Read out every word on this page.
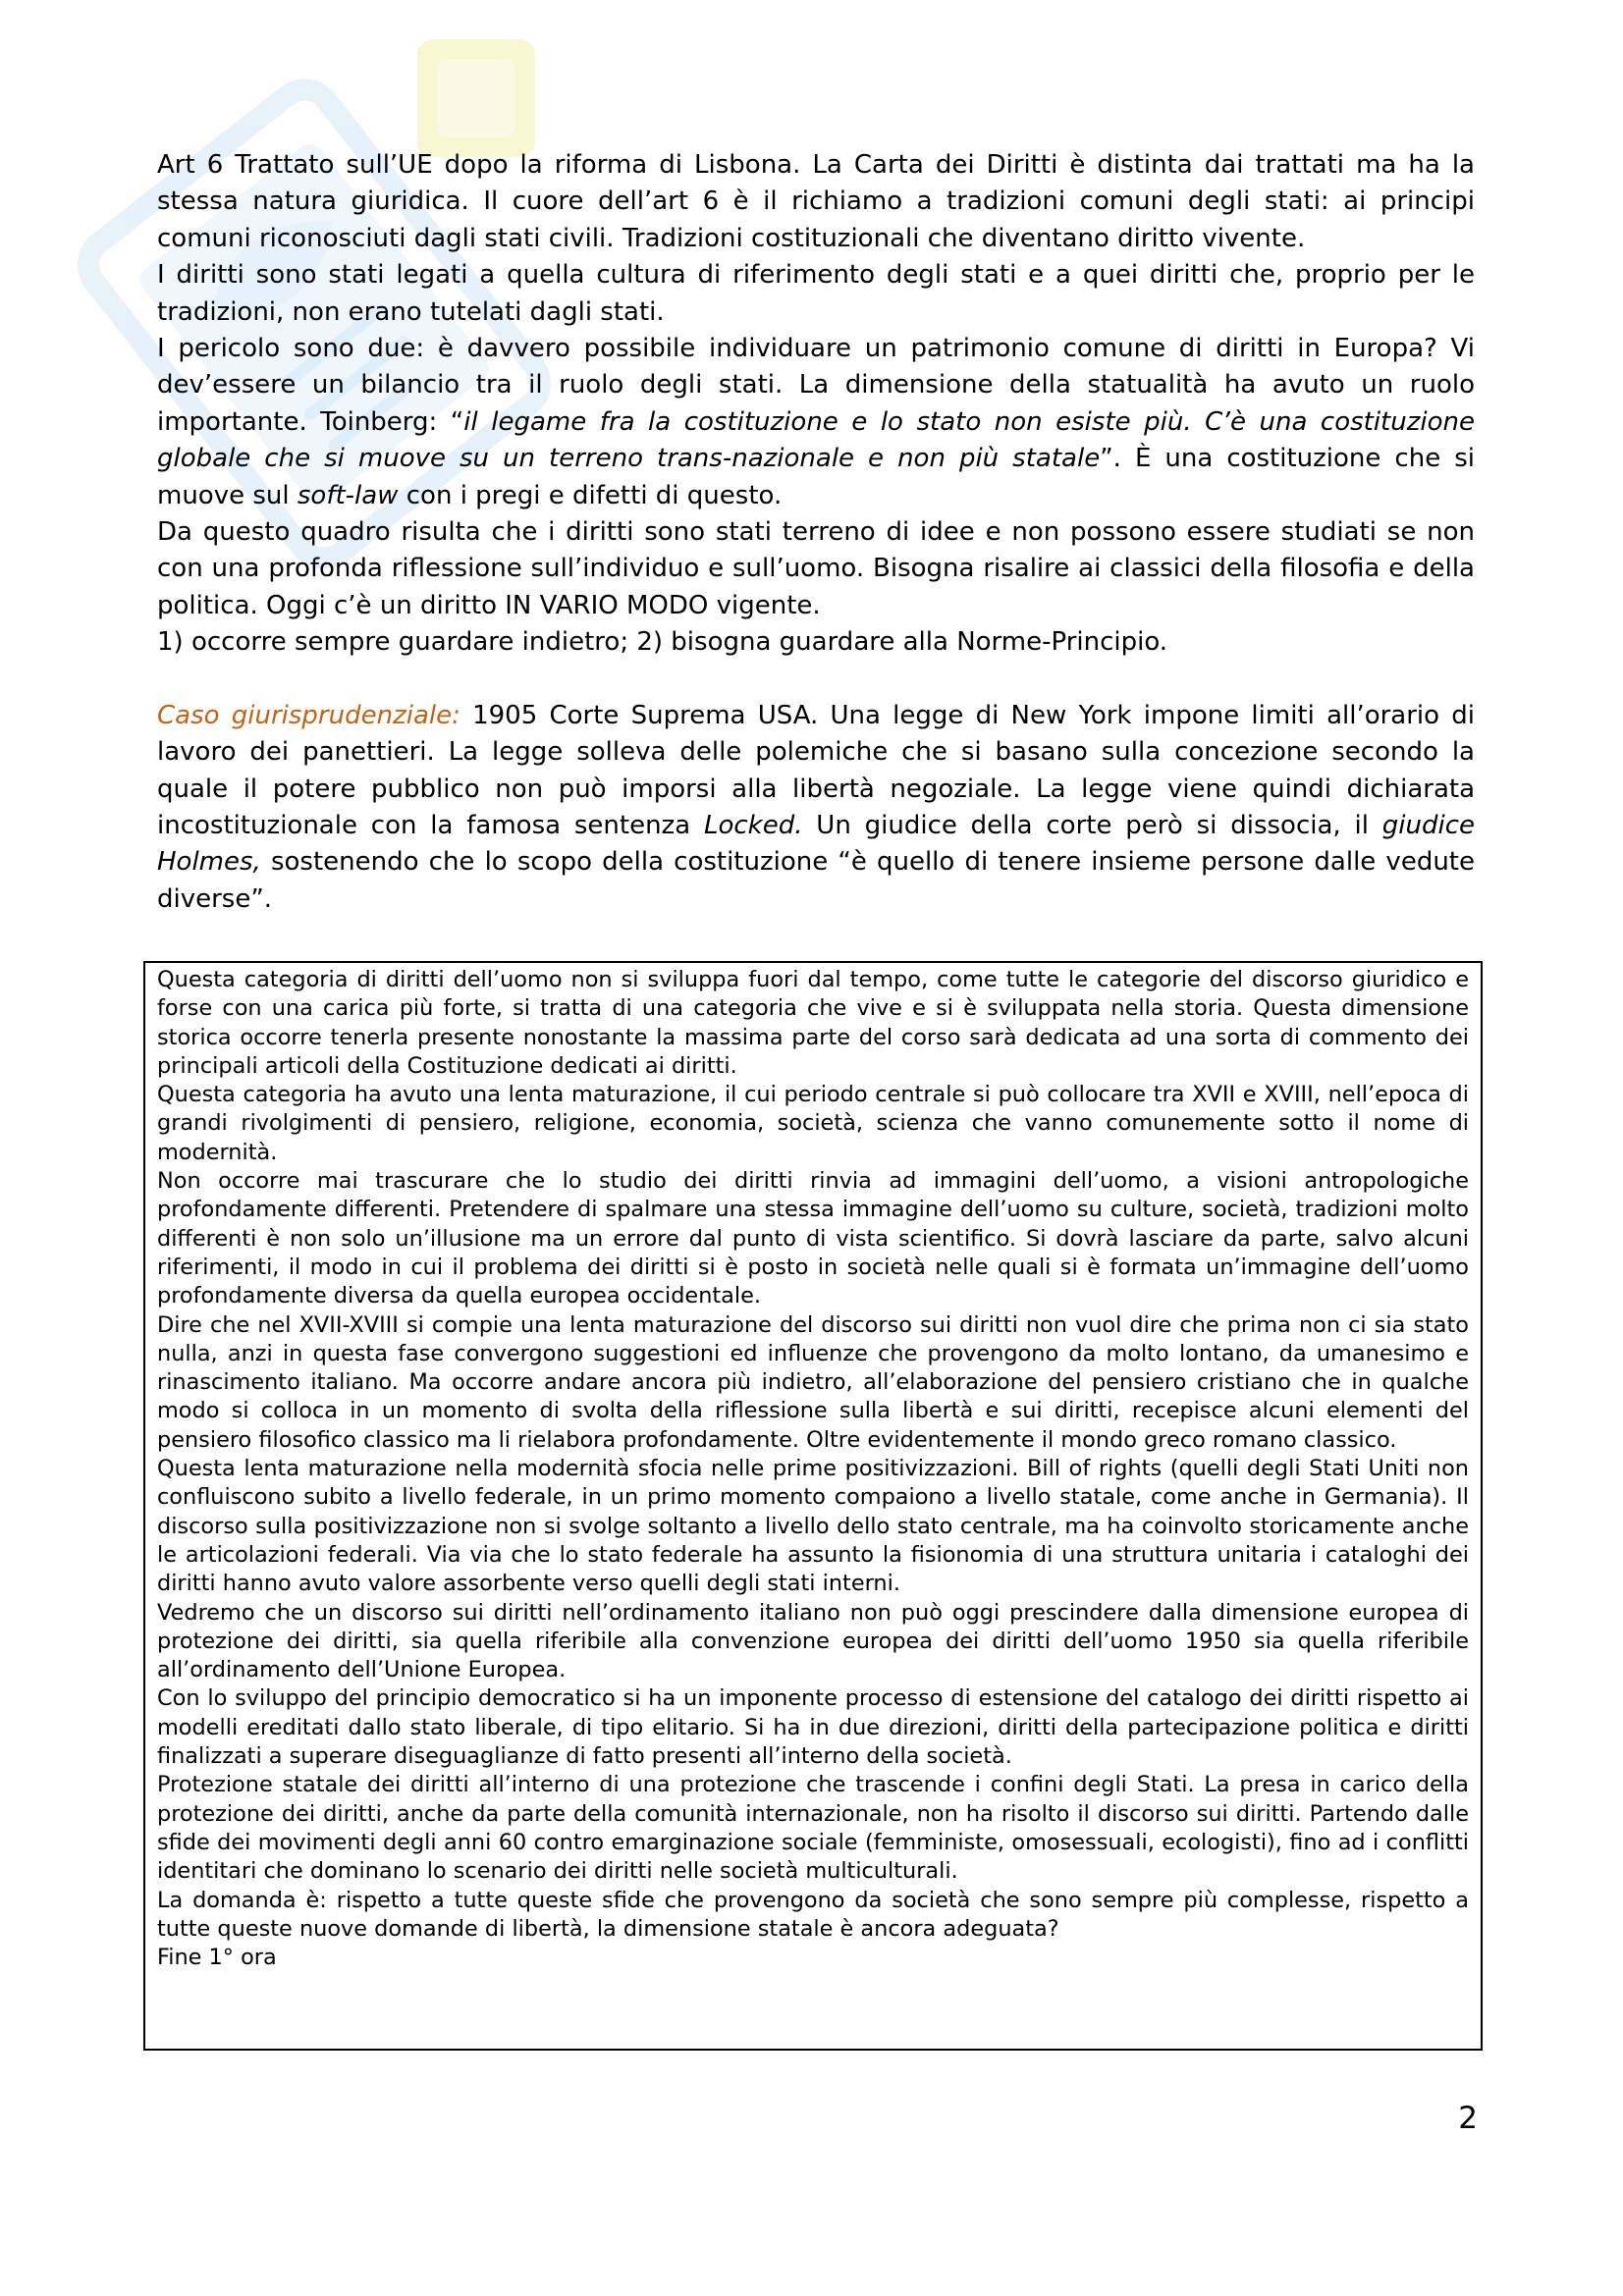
Art 6 Trattato sull’UE dopo la riforma di Lisbona. La Carta dei Diritti è distinta dai trattati ma ha la stessa natura giuridica. Il cuore dell’art 6 è il richiamo a tradizioni comuni degli stati: ai principi comuni riconosciuti dagli stati civili. Tradizioni costituzionali che diventano diritto vivente.

I diritti sono stati legati a quella cultura di riferimento degli stati e a quei diritti che, proprio per le tradizioni, non erano tutelati dagli stati.

I pericolo sono due: è davvero possibile individuare un patrimonio comune di diritti in Europa? Vi dev’essere un bilancio tra il ruolo degli stati. La dimensione della statualità ha avuto un ruolo importante. Toinberg: “il legame fra la costituzione e lo stato non esiste più. C’è una costituzione globale che si muove su un terreno trans-nazionale e non più statale”. È una costituzione che si muove sul soft-law con i pregi e difetti di questo.

Da questo quadro risulta che i diritti sono stati terreno di idee e non possono essere studiati se non con una profonda riflessione sull’individuo e sull’uomo. Bisogna risalire ai classici della filosofia e della politica. Oggi c’è un diritto IN VARIO MODO vigente.

1) occorre sempre guardare indietro; 2) bisogna guardare alla Norme-Principio.

Caso giurisprudenziale: 1905 Corte Suprema USA. Una legge di New York impone limiti all’orario di lavoro dei panettieri. La legge solleva delle polemiche che si basano sulla concezione secondo la quale il potere pubblico non può imporsi alla libertà negoziale. La legge viene quindi dichiarata incostituzionale con la famosa sentenza Locked. Un giudice della corte però si dissocia, il giudice Holmes, sostenendo che lo scopo della costituzione “è quello di tenere insieme persone dalle vedute diverse”.

Questa categoria di diritti dell’uomo non si sviluppa fuori dal tempo, come tutte le categorie del discorso giuridico e forse con una carica più forte, si tratta di una categoria che vive e si è sviluppata nella storia. Questa dimensione storica occorre tenerla presente nonostante la massima parte del corso sarà dedicata ad una sorta di commento dei principali articoli della Costituzione dedicati ai diritti.

Questa categoria ha avuto una lenta maturazione, il cui periodo centrale si può collocare tra XVII e XVIII, nell’epoca di grandi rivolgimenti di pensiero, religione, economia, società, scienza che vanno comunemente sotto il nome di modernità.

Non occorre mai trascurare che lo studio dei diritti rinvia ad immagini dell’uomo, a visioni antropologiche profondamente differenti. Pretendere di spalmare una stessa immagine dell’uomo su culture, società, tradizioni molto differenti è non solo un’illusione ma un errore dal punto di vista scientifico. Si dovrà lasciare da parte, salvo alcuni riferimenti, il modo in cui il problema dei diritti si è posto in società nelle quali si è formata un’immagine dell’uomo profondamente diversa da quella europea occidentale.

Dire che nel XVII-XVIII si compie una lenta maturazione del discorso sui diritti non vuol dire che prima non ci sia stato nulla, anzi in questa fase convergono suggestioni ed influenze che provengono da molto lontano, da umanesimo e rinascimento italiano. Ma occorre andare ancora più indietro, all’elaborazione del pensiero cristiano che in qualche modo si colloca in un momento di svolta della riflessione sulla libertà e sui diritti, recepisce alcuni elementi del pensiero filosofico classico ma li rielabora profondamente. Oltre evidentemente il mondo greco romano classico.

Questa lenta maturazione nella modernità sfocia nelle prime positivizzazioni. Bill of rights (quelli degli Stati Uniti non confluiscono subito a livello federale, in un primo momento compaiono a livello statale, come anche in Germania). Il discorso sulla positivizzazione non si svolge soltanto a livello dello stato centrale, ma ha coinvolto storicamente anche le articolazioni federali. Via via che lo stato federale ha assunto la fisionomia di una struttura unitaria i cataloghi dei diritti hanno avuto valore assorbente verso quelli degli stati interni.

Vedremo che un discorso sui diritti nell’ordinamento italiano non può oggi prescindere dalla dimensione europea di protezione dei diritti, sia quella riferibile alla convenzione europea dei diritti dell’uomo 1950 sia quella riferibile all’ordinamento dell’Unione Europea.

Con lo sviluppo del principio democratico si ha un imponente processo di estensione del catalogo dei diritti rispetto ai modelli ereditati dallo stato liberale, di tipo elitario. Si ha in due direzioni, diritti della partecipazione politica e diritti finalizzati a superare diseguaglianze di fatto presenti all’interno della società.

Protezione statale dei diritti all’interno di una protezione che trascende i confini degli Stati. La presa in carico della protezione dei diritti, anche da parte della comunità internazionale, non ha risolto il discorso sui diritti. Partendo dalle sfide dei movimenti degli anni 60 contro emarginazione sociale (femministe, omosessuali, ecologisti), fino ad i conflitti identitari che dominano lo scenario dei diritti nelle società multiculturali.

La domanda è: rispetto a tutte queste sfide che provengono da società che sono sempre più complesse, rispetto a tutte queste nuove domande di libertà, la dimensione statale è ancora adeguata?

Fine 1° ora

2
